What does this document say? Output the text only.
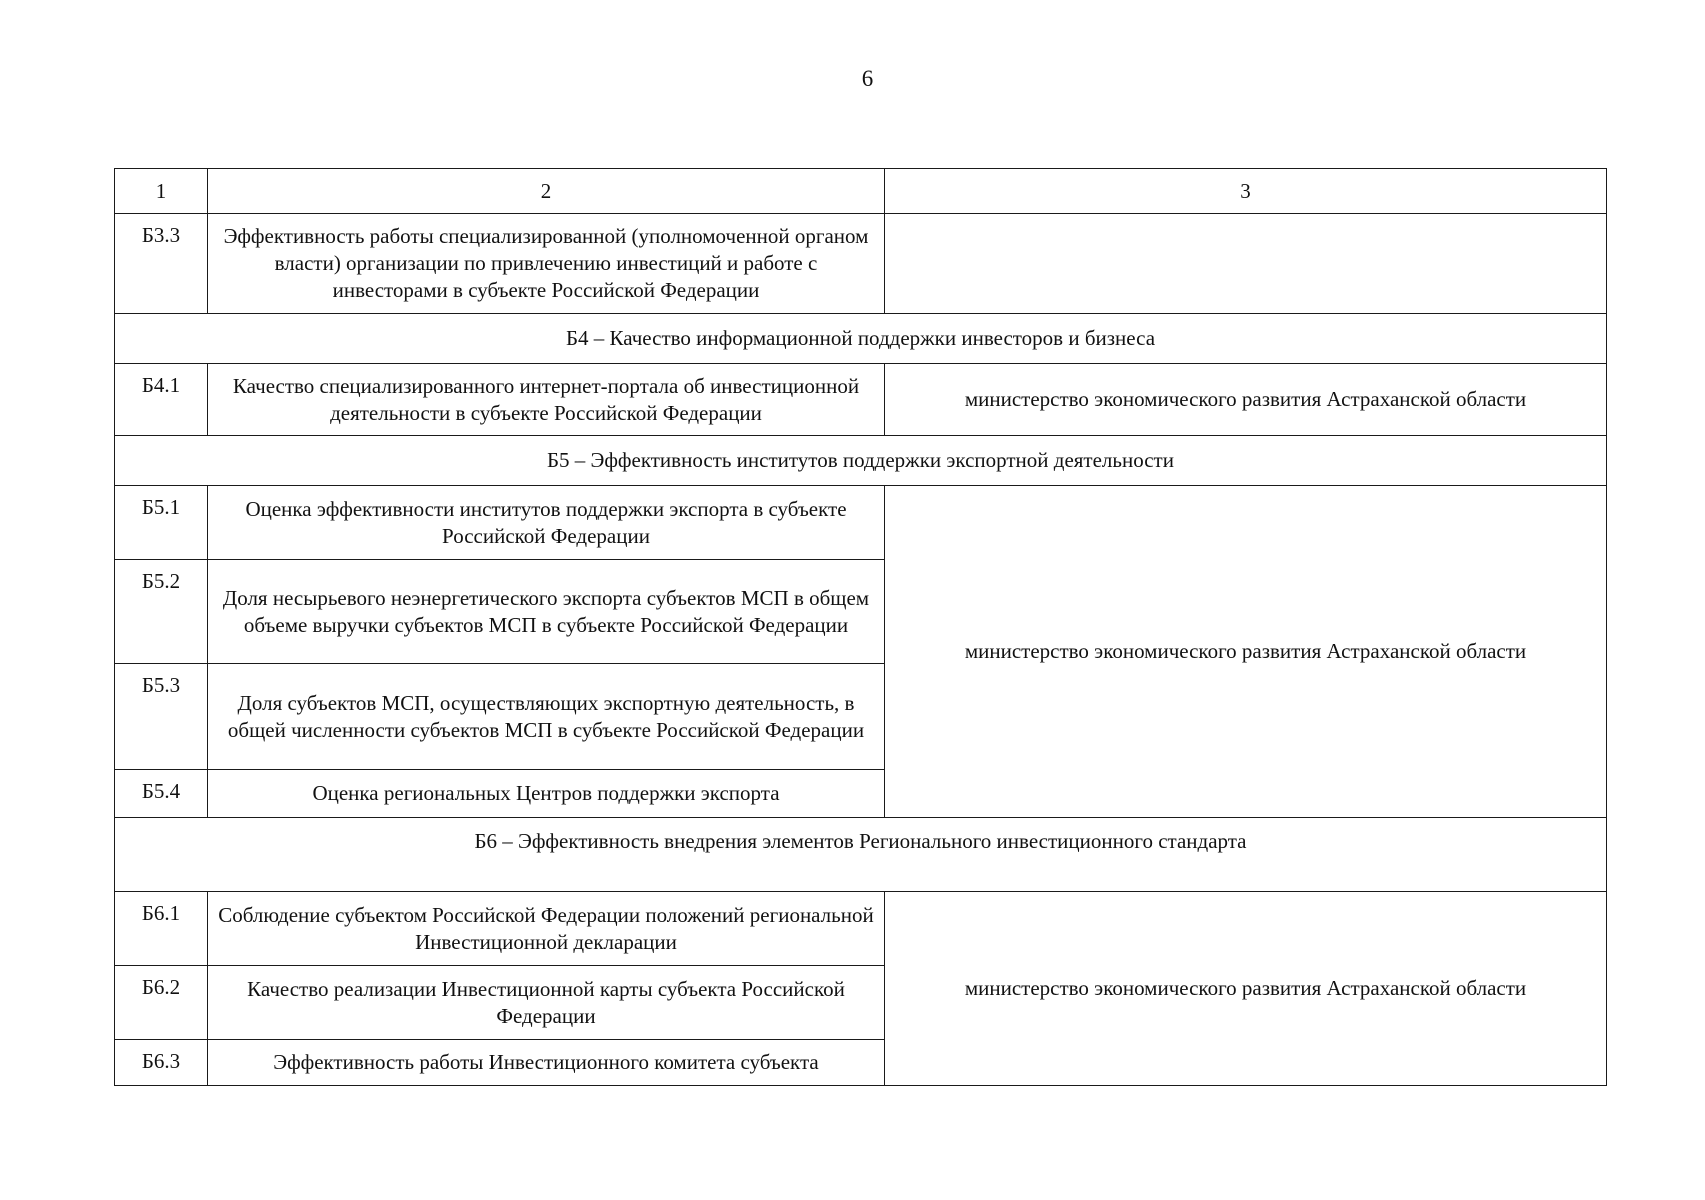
6
1	2	3
Б3.3	Эффективность работы специализированной (уполномоченной органом власти) организации по привлечению инвестиций и работе с инвесторами в субъекте Российской Федерации	
Б4 – Качество информационной поддержки инвесторов и бизнеса		
Б4.1	Качество специализированного интернет-портала об инвестиционной деятельности в субъекте Российской Федерации	министерство экономического развития Астраханской области
Б5 – Эффективность институтов поддержки экспортной деятельности		
Б5.1	Оценка эффективности институтов поддержки экспорта в субъекте Российской Федерации	министерство экономического развития Астраханской области
Б5.2	Доля несырьевого неэнергетического экспорта субъектов МСП в общем объеме выручки субъектов МСП в субъекте Российской Федерации	
Б5.3	Доля субъектов МСП, осуществляющих экспортную деятельность, в общей численности субъектов МСП в субъекте Российской Федерации	
Б5.4	Оценка региональных Центров поддержки экспорта	
Б6 – Эффективность внедрения элементов Регионального инвестиционного стандарта		
Б6.1	Соблюдение субъектом Российской Федерации положений региональной Инвестиционной декларации	министерство экономического развития Астраханской области
Б6.2	Качество реализации Инвестиционной карты субъекта Российской Федерации	
Б6.3	Эффективность работы Инвестиционного комитета субъекта	
